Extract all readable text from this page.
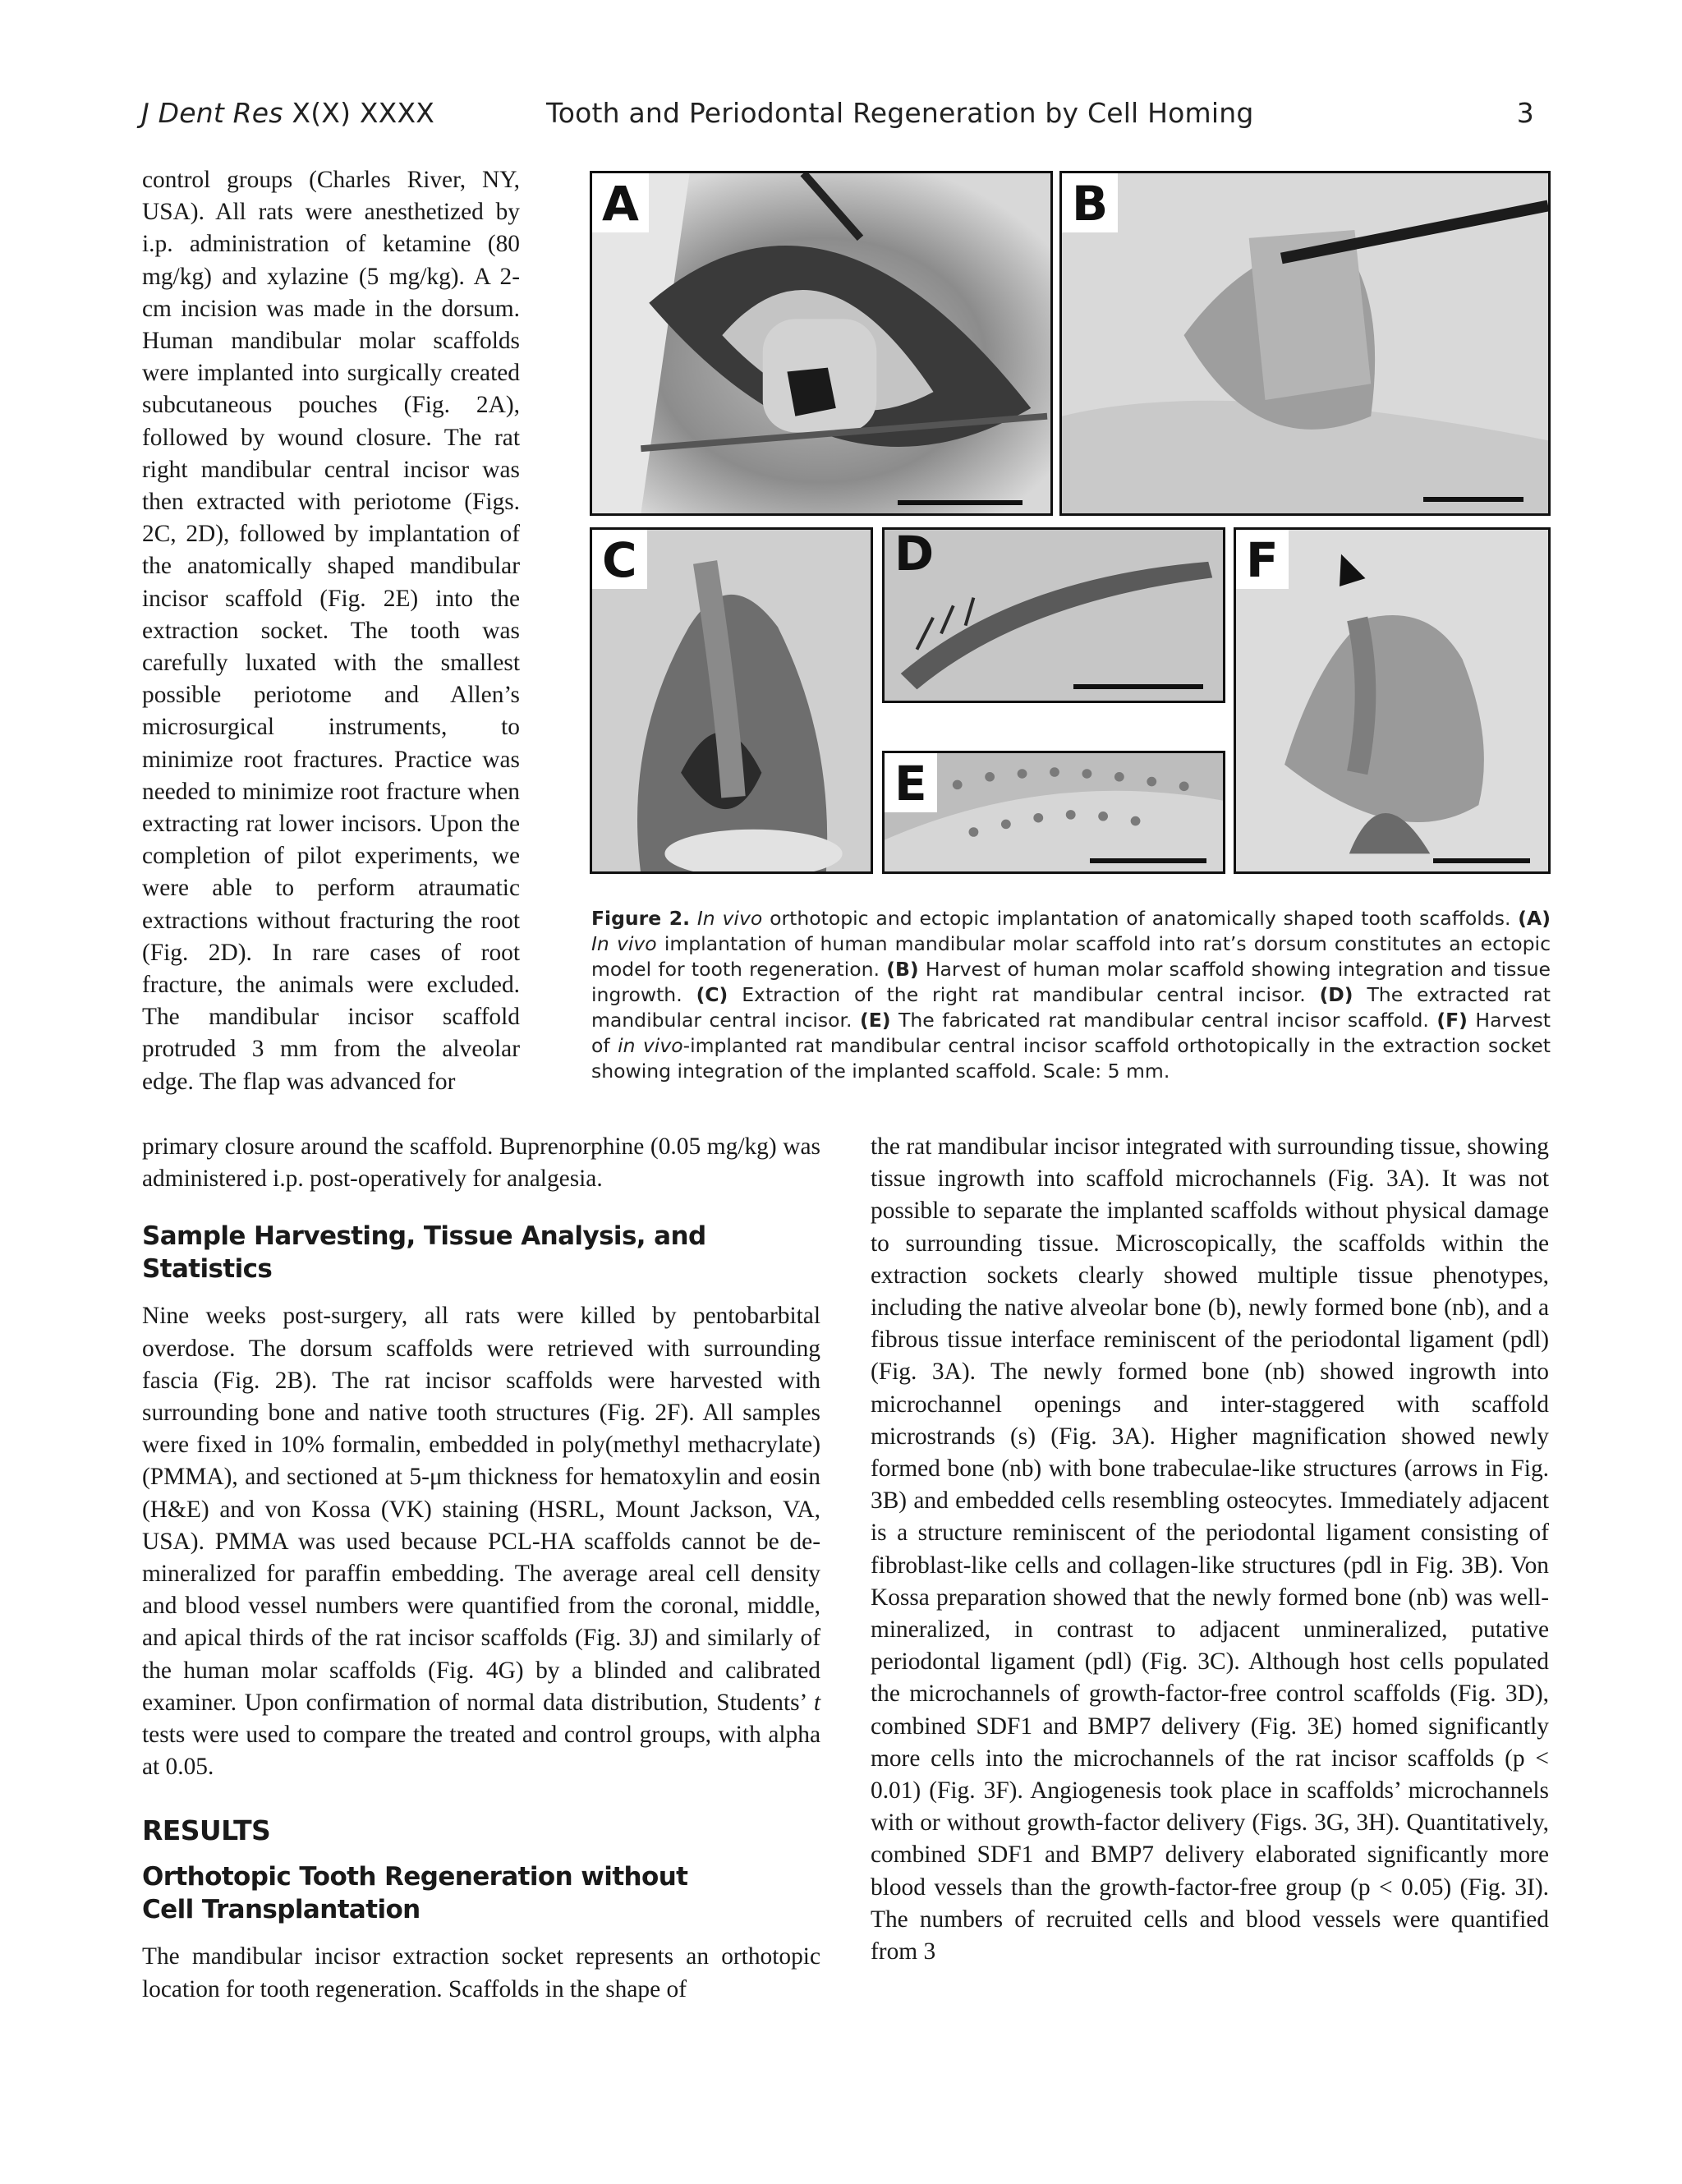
J Dent Res X(X) XXXX	Tooth and Periodontal Regeneration by Cell Homing	3

control groups (Charles River, NY, USA). All rats were anesthetized by i.p. administration of ketamine (80 mg/kg) and xylazine (5 mg/kg). A 2-cm incision was made in the dorsum. Human mandibular molar scaffolds were implanted into surgically created subcutaneous pouches (Fig. 2A), followed by wound closure. The rat right mandibular central incisor was then extracted with periotome (Figs. 2C, 2D), followed by implantation of the anatomically shaped mandibular incisor scaffold (Fig. 2E) into the extraction socket. The tooth was carefully luxated with the smallest possible periotome and Allen’s microsurgical instruments, to minimize root fractures. Practice was needed to minimize root fracture when extracting rat lower incisors. Upon the completion of pilot experiments, we were able to perform atraumatic extractions without fracturing the root (Fig. 2D). In rare cases of root fracture, the animals were excluded. The mandibular incisor scaffold protruded 3 mm from the alveolar edge. The flap was advanced for

A	B
C	D
E
F
Figure 2. In vivo orthotopic and ectopic implantation of anatomically shaped tooth scaffolds. (A) In vivo implantation of human mandibular molar scaffold into rat’s dorsum constitutes an ectopic model for tooth regeneration. (B) Harvest of human molar scaffold showing integration and tissue ingrowth. (C) Extraction of the right rat mandibular central incisor. (D) The extracted rat mandibular central incisor. (E) The fabricated rat mandibular central incisor scaffold. (F) Harvest of in vivo-implanted rat mandibular central incisor scaffold orthotopically in the extraction socket showing integration of the implanted scaffold. Scale: 5 mm.

primary closure around the scaffold. Buprenorphine (0.05 mg/kg) was administered i.p. post-operatively for analgesia.

Sample Harvesting, Tissue Analysis, and Statistics

Nine weeks post-surgery, all rats were killed by pentobarbital overdose. The dorsum scaffolds were retrieved with surrounding fascia (Fig. 2B). The rat incisor scaffolds were harvested with surrounding bone and native tooth structures (Fig. 2F). All samples were fixed in 10% formalin, embedded in poly(methyl methacrylate) (PMMA), and sectioned at 5-μm thickness for hematoxylin and eosin (H&E) and von Kossa (VK) staining (HSRL, Mount Jackson, VA, USA). PMMA was used because PCL-HA scaffolds cannot be de-mineralized for paraffin embedding. The average areal cell density and blood vessel numbers were quantified from the coronal, middle, and apical thirds of the rat incisor scaffolds (Fig. 3J) and similarly of the human molar scaffolds (Fig. 4G) by a blinded and calibrated examiner. Upon confirmation of normal data distribution, Students’ t tests were used to compare the treated and control groups, with alpha at 0.05.

RESULTS
Orthotopic Tooth Regeneration without
Cell Transplantation

The mandibular incisor extraction socket represents an orthotopic location for tooth regeneration. Scaffolds in the shape of

the rat mandibular incisor integrated with surrounding tissue, showing tissue ingrowth into scaffold microchannels (Fig. 3A). It was not possible to separate the implanted scaffolds without physical damage to surrounding tissue. Microscopically, the scaffolds within the extraction sockets clearly showed multiple tissue phenotypes, including the native alveolar bone (b), newly formed bone (nb), and a fibrous tissue interface reminiscent of the periodontal ligament (pdl) (Fig. 3A). The newly formed bone (nb) showed ingrowth into microchannel openings and inter-staggered with scaffold microstrands (s) (Fig. 3A). Higher magnification showed newly formed bone (nb) with bone trabeculae-like structures (arrows in Fig. 3B) and embedded cells resembling osteocytes. Immediately adjacent is a structure reminiscent of the periodontal ligament consisting of fibroblast-like cells and collagen-like structures (pdl in Fig. 3B). Von Kossa preparation showed that the newly formed bone (nb) was well-mineralized, in contrast to adjacent unmineralized, putative periodontal ligament (pdl) (Fig. 3C). Although host cells populated the microchannels of growth-factor-free control scaffolds (Fig. 3D), combined SDF1 and BMP7 delivery (Fig. 3E) homed significantly more cells into the microchannels of the rat incisor scaffolds (p < 0.01) (Fig. 3F). Angiogenesis took place in scaffolds’ microchannels with or without growth-factor delivery (Figs. 3G, 3H). Quantitatively, combined SDF1 and BMP7 delivery elaborated significantly more blood vessels than the growth-factor-free group (p < 0.05) (Fig. 3I). The numbers of recruited cells and blood vessels were quantified from 3
